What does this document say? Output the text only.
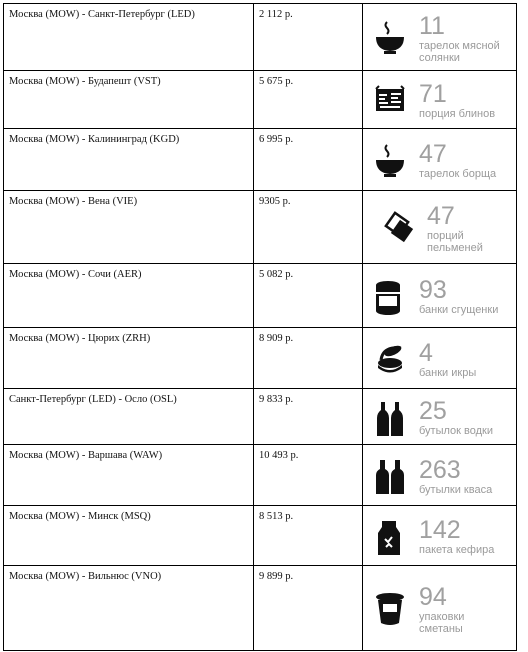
Москва (MOW) - Санкт-Петербург (LED)	2 112 р.	11
тарелок мясной солянки

Москва (MOW) - Будапешт (VST)	5 675 р.	71
порция блинов

Москва (MOW) - Калининград (KGD)	6 995 р.	47
тарелок борща

Москва (MOW) - Вена (VIE)	9305 р.	47
порций пельменей

Москва (MOW) - Сочи (AER)	5 082 р.	93
банки сгущенки

Москва (MOW) - Цюрих (ZRH)	8 909 р.	4
банки икры

Санкт-Петербург (LED) - Осло (OSL)	9 833 р.	25
бутылок водки

Москва (MOW) - Варшава (WAW)	10 493 р.	263
бутылки кваса

Москва (MOW) - Минск (MSQ)	8 513 р.	142
пакета кефира

Москва (MOW) - Вильнюс (VNO)	9 899 р.	94
упаковки сметаны
